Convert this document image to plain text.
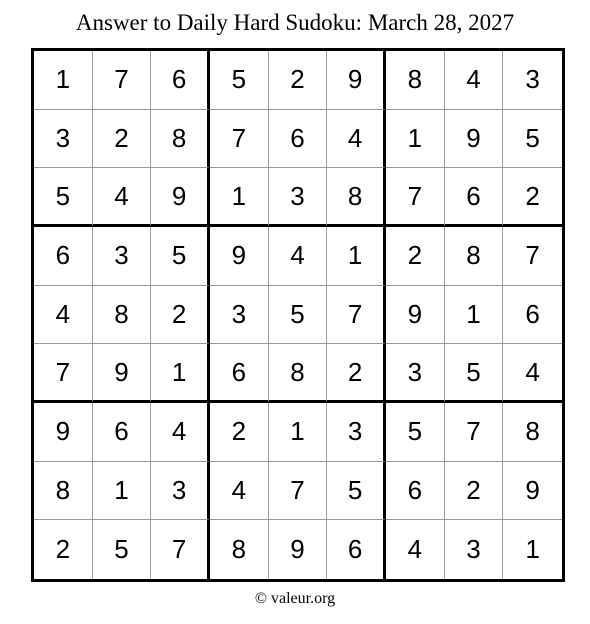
Answer to Daily Hard Sudoku: March 28, 2027
1	7	6	5	2	9	8	4	3
3	2	8	7	6	4	1	9	5
5	4	9	1	3	8	7	6	2
6	3	5	9	4	1	2	8	7
4	8	2	3	5	7	9	1	6
7	9	1	6	8	2	3	5	4
9	6	4	2	1	3	5	7	8
8	1	3	4	7	5	6	2	9
2	5	7	8	9	6	4	3	1
© valeur.org
